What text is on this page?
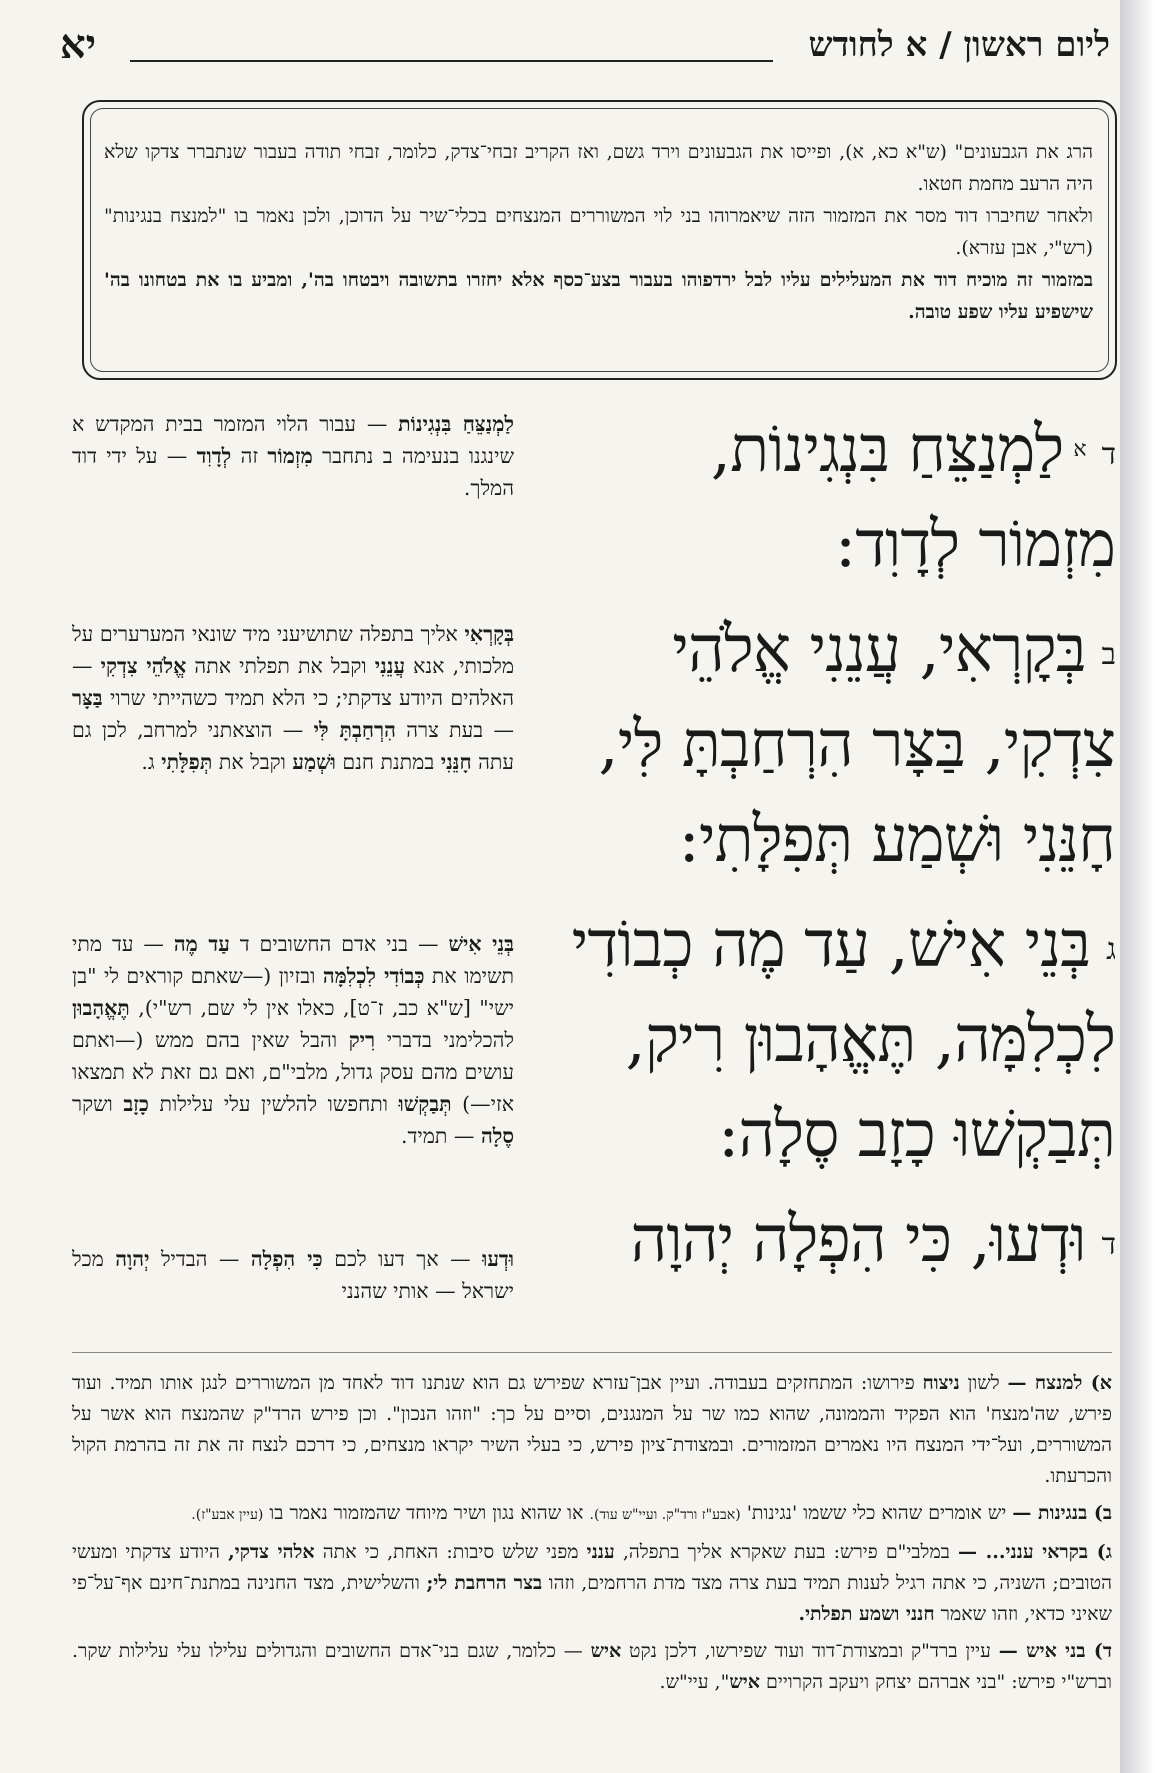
ליום ראשון / א לחודש
יא

הרג את הגבעונים" (ש"א כא, א), ופייסו את הגבעונים וירד גשם, ואז הקריב זבחי־צדק, כלומר, זבחי תודה בעבור שנתברר צדקו שלא היה הרעב מחמת חטאו.

ולאחר שחיברו דוד מסר את המזמור הזה שיאמרוהו בני לוי המשוררים המנצחים בכלי־שיר על הדוכן, ולכן נאמר בו "למנצח בנגינות" (רש"י, אבן עזרא).

במזמור זה מוכיח דוד את המעלילים עליו לבל ירדפוהו בעבור בצע־כסף אלא יחזרו בתשובה ויבטחו בה', ומביע בו את בטחונו בה' שישפיע עליו שפע טובה.

ד$^א$לַמְנַצֵּחַ בִּנְגִינוֹת,
מִזְמוֹר לְדָוִד:
בבְּקָרְאִי, עֲנֵנִי אֱלֹהֵי
צִדְקִי, בַּצָּר הִרְחַבְתָּ לִּי,
חָנֵּנִי וּשְׁמַע תְּפִלָּתִי:
גבְּנֵי אִישׁ, עַד מֶה כְבוֹדִי
לִכְלִמָּה, תֶּאֱהָבוּן רִיק,
תְּבַקְשׁוּ כָזָב סֶלָה:
דוּדְעוּ, כִּי הִפְלָה יְהוָה

לַמְנַצֵּחַ בִּנְגִינוֹת — עבור הלוי המזמר בבית המקדש א שינגנו בנעימה ב נתחבר מִזְמוֹר זה לְדָוִד — על ידי דוד המלך.

בְּקָרְאִי אליך בתפלה שתושיעני מיד שונאי המערערים על מלכותי, אנא עֲנֵנִי וקבל את תפלתי אתה אֱלֹהֵי צִדְקִי — האלהים היודע צדקתי; כי הלא תמיד כשהייתי שרוי בַּצָּר — בעת צרה הִרְחַבְתָּ לִּי — הוצאתני למרחב, לכן גם עתה חָנֵּנִי במתנת חנם וּשְׁמַע וקבל את תְּפִלָּתִי ג.

בְּנֵי אִישׁ — בני אדם החשובים ד עַד מֶה — עד מתי תשימו את כְּבוֹדִי לִכְלִמָּה ובזיון (—שאתם קוראים לי "בן ישי" [ש"א כב, ז־ט], כאלו אין לי שם, רש"י), תֶּאֱהָבוּן להכלימני בדברי רִיק והבל שאין בהם ממש (—ואתם עושים מהם עסק גדול, מלבי"ם, ואם גם זאת לא תמצאו אזי—) תְּבַקְשׁוּ ותחפשו להלשין עלי עלילות כָזָב ושקר סֶלָה — תמיד.

וּדְעוּ — אך דעו לכם כִּי הִפְלָה — הבדיל יְהוָה מכל ישראל — אותי שהנני

א) למנצח — לשון ניצוח פירושו: המתחזקים בעבודה. ועיין אבן־עזרא שפירש גם הוא שנתנו דוד לאחד מן המשוררים לנגן אותו תמיד. ועוד פירש, שה'מנצח' הוא הפקיד והממונה, שהוא כמו שר על המנגנים, וסיים על כך: "וזהו הנכון". וכן פירש הרד"ק שהמנצח הוא אשר על המשוררים, ועל־ידי המנצח היו נאמרים המזמורים. ובמצודת־ציון פירש, כי בעלי השיר יקראו מנצחים, כי דרכם לנצח זה את זה בהרמת הקול והכרעתו.

ב) בנגינות — יש אומרים שהוא כלי ששמו 'נגינות' (אבע"ז ורד"ק. ועיי"ש עוד). או שהוא נגון ושיר מיוחד שהמזמור נאמר בו (עיין אבע"ז).

ג) בקראי ענני... — במלבי"ם פירש: בעת שאקרא אליך בתפלה, ענני מפני שלש סיבות: האחת, כי אתה אלהי צדקי, היודע צדקתי ומעשי הטובים; השניה, כי אתה רגיל לענות תמיד בעת צרה מצד מדת הרחמים, וזהו בצר הרחבת לי; והשלישית, מצד החנינה במתנת־חינם אף־על־פי שאיני כדאי, וזהו שאמר חנני ושמע תפלתי.

ד) בני איש — עיין ברד"ק ובמצודת־דוד ועוד שפירשו, דלכן נקט איש — כלומר, שגם בני־אדם החשובים והגדולים עלילו עלי עלילות שקר. וברש"י פירש: "בני אברהם יצחק ויעקב הקרויים איש", עיי"ש.
